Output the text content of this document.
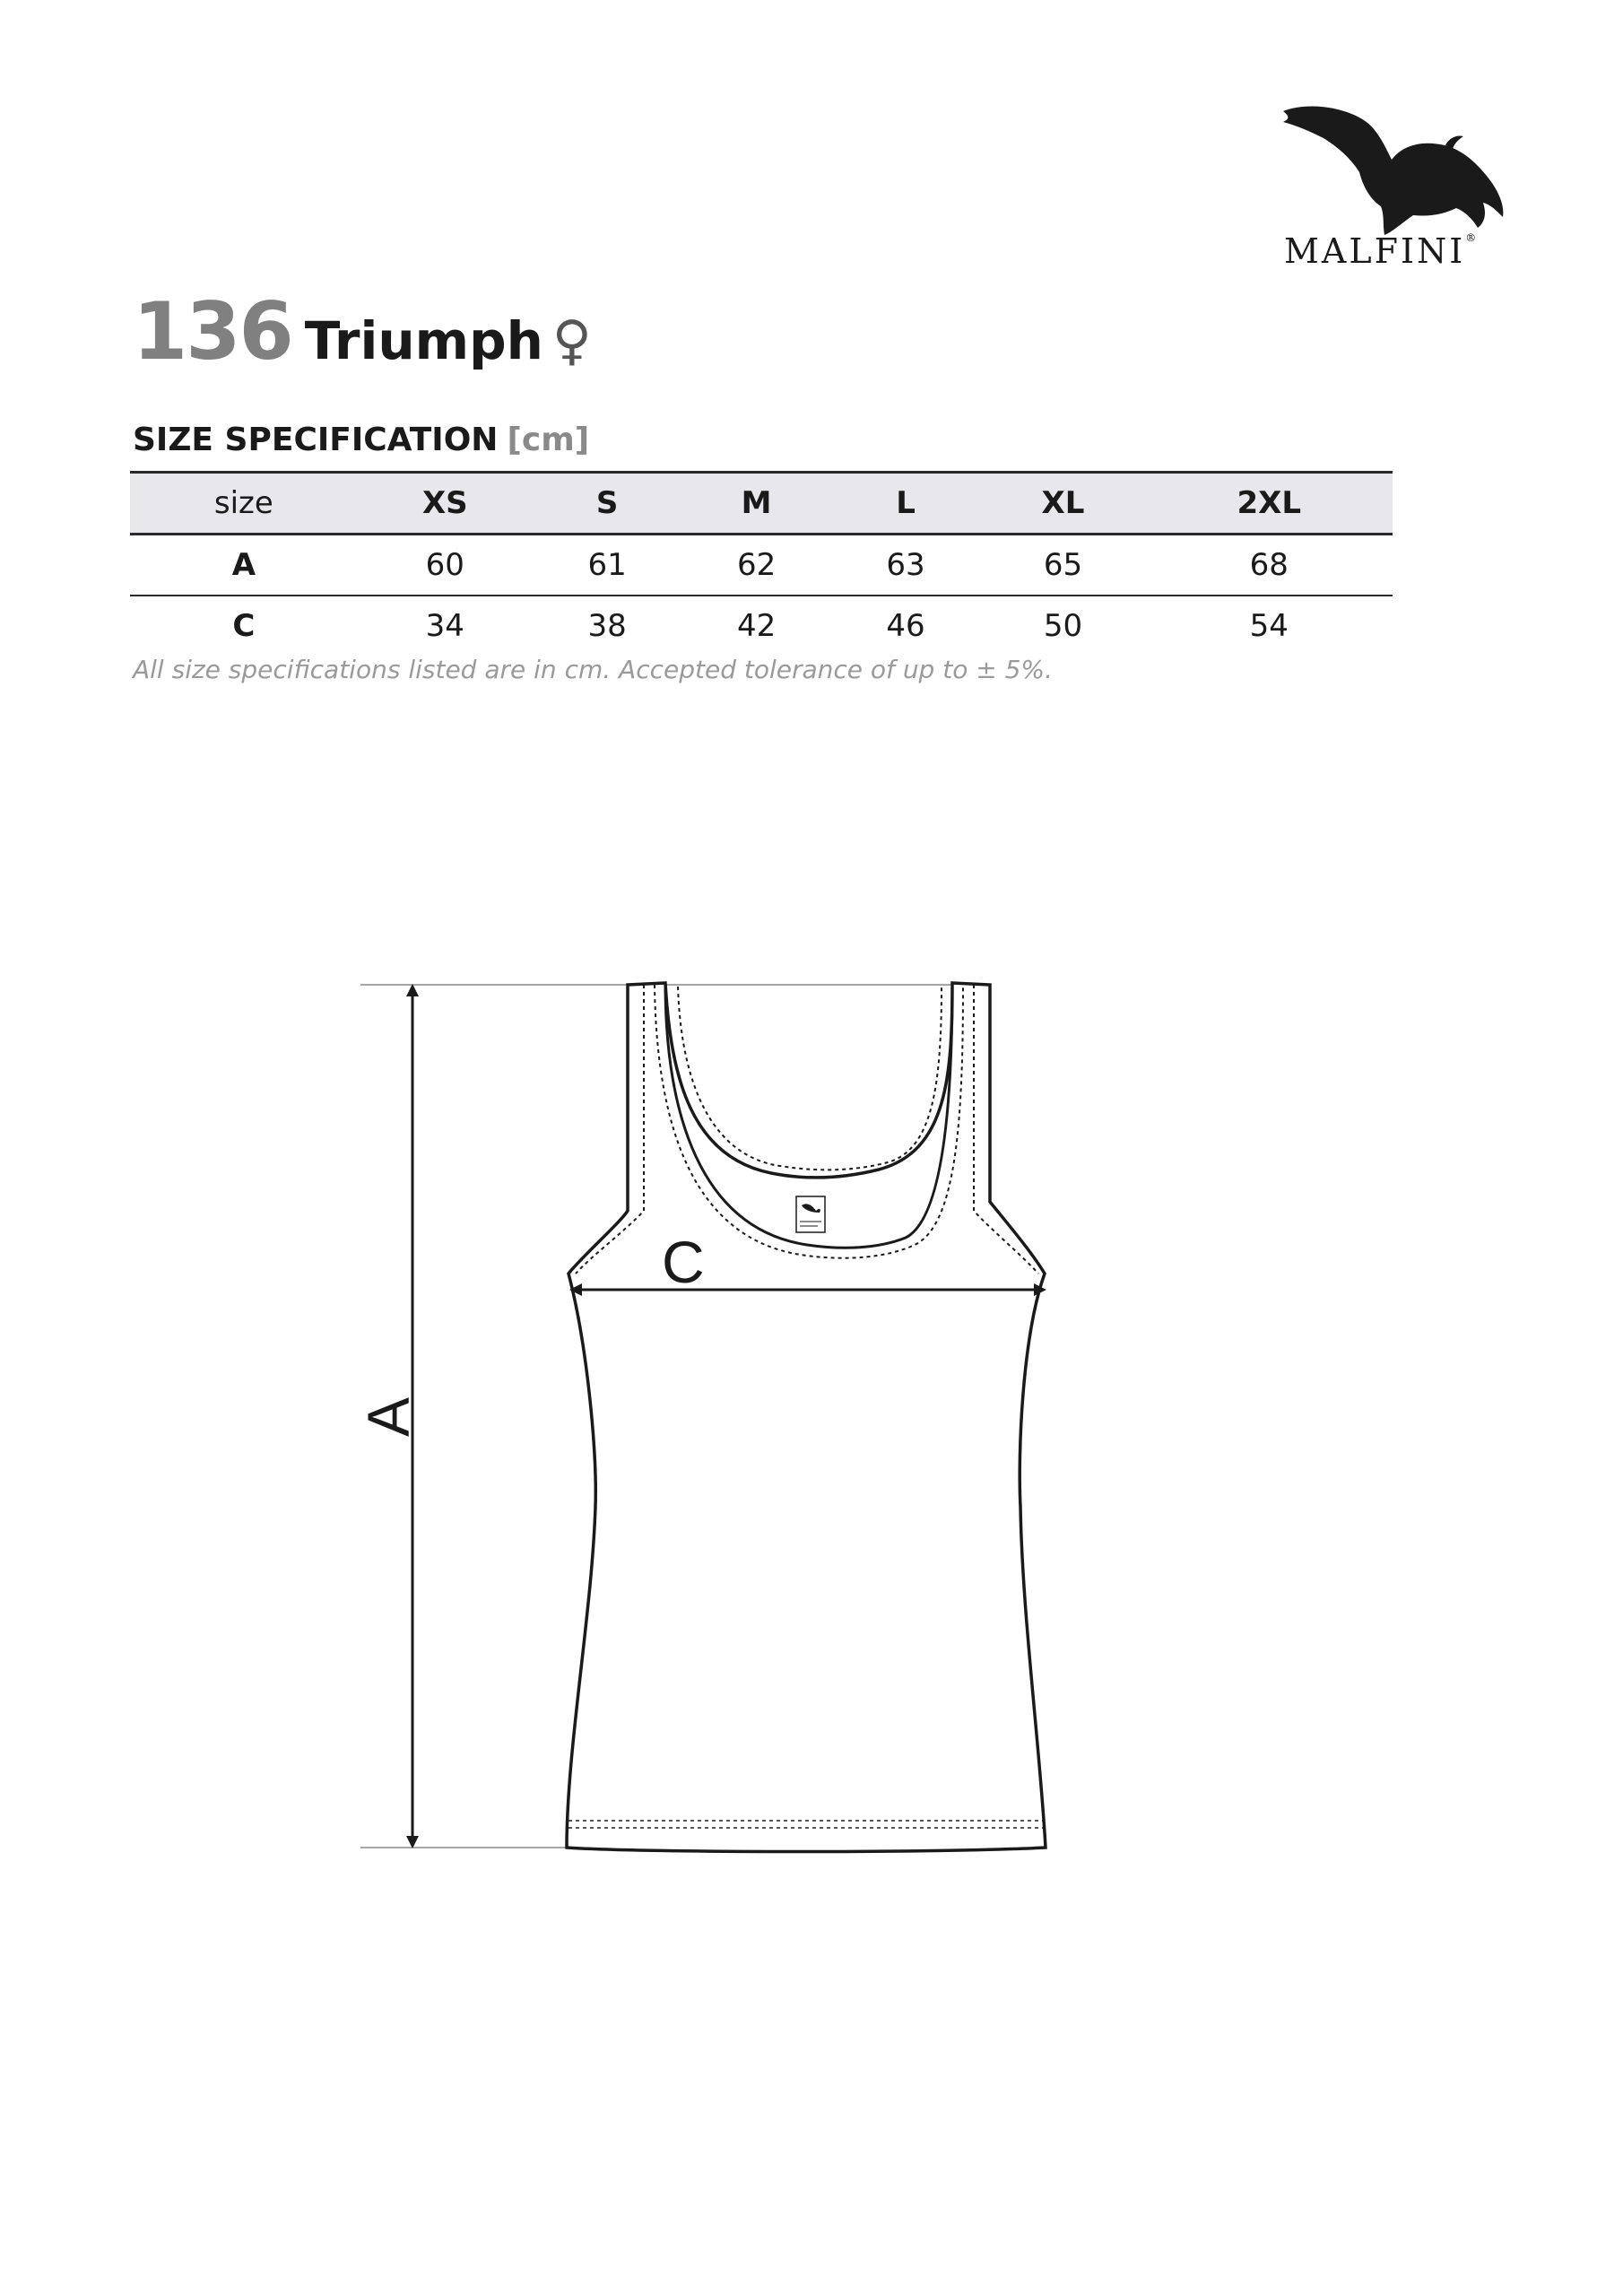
MALFINI®
136 Triumph ♀
SIZE SPECIFICATION [cm]
size	XS	S	M	L	XL	2XL
A	60	61	62	63	65	68
C	34	38	42	46	50	54
All size specifications listed are in cm. Accepted tolerance of up to ± 5%.
A
C
